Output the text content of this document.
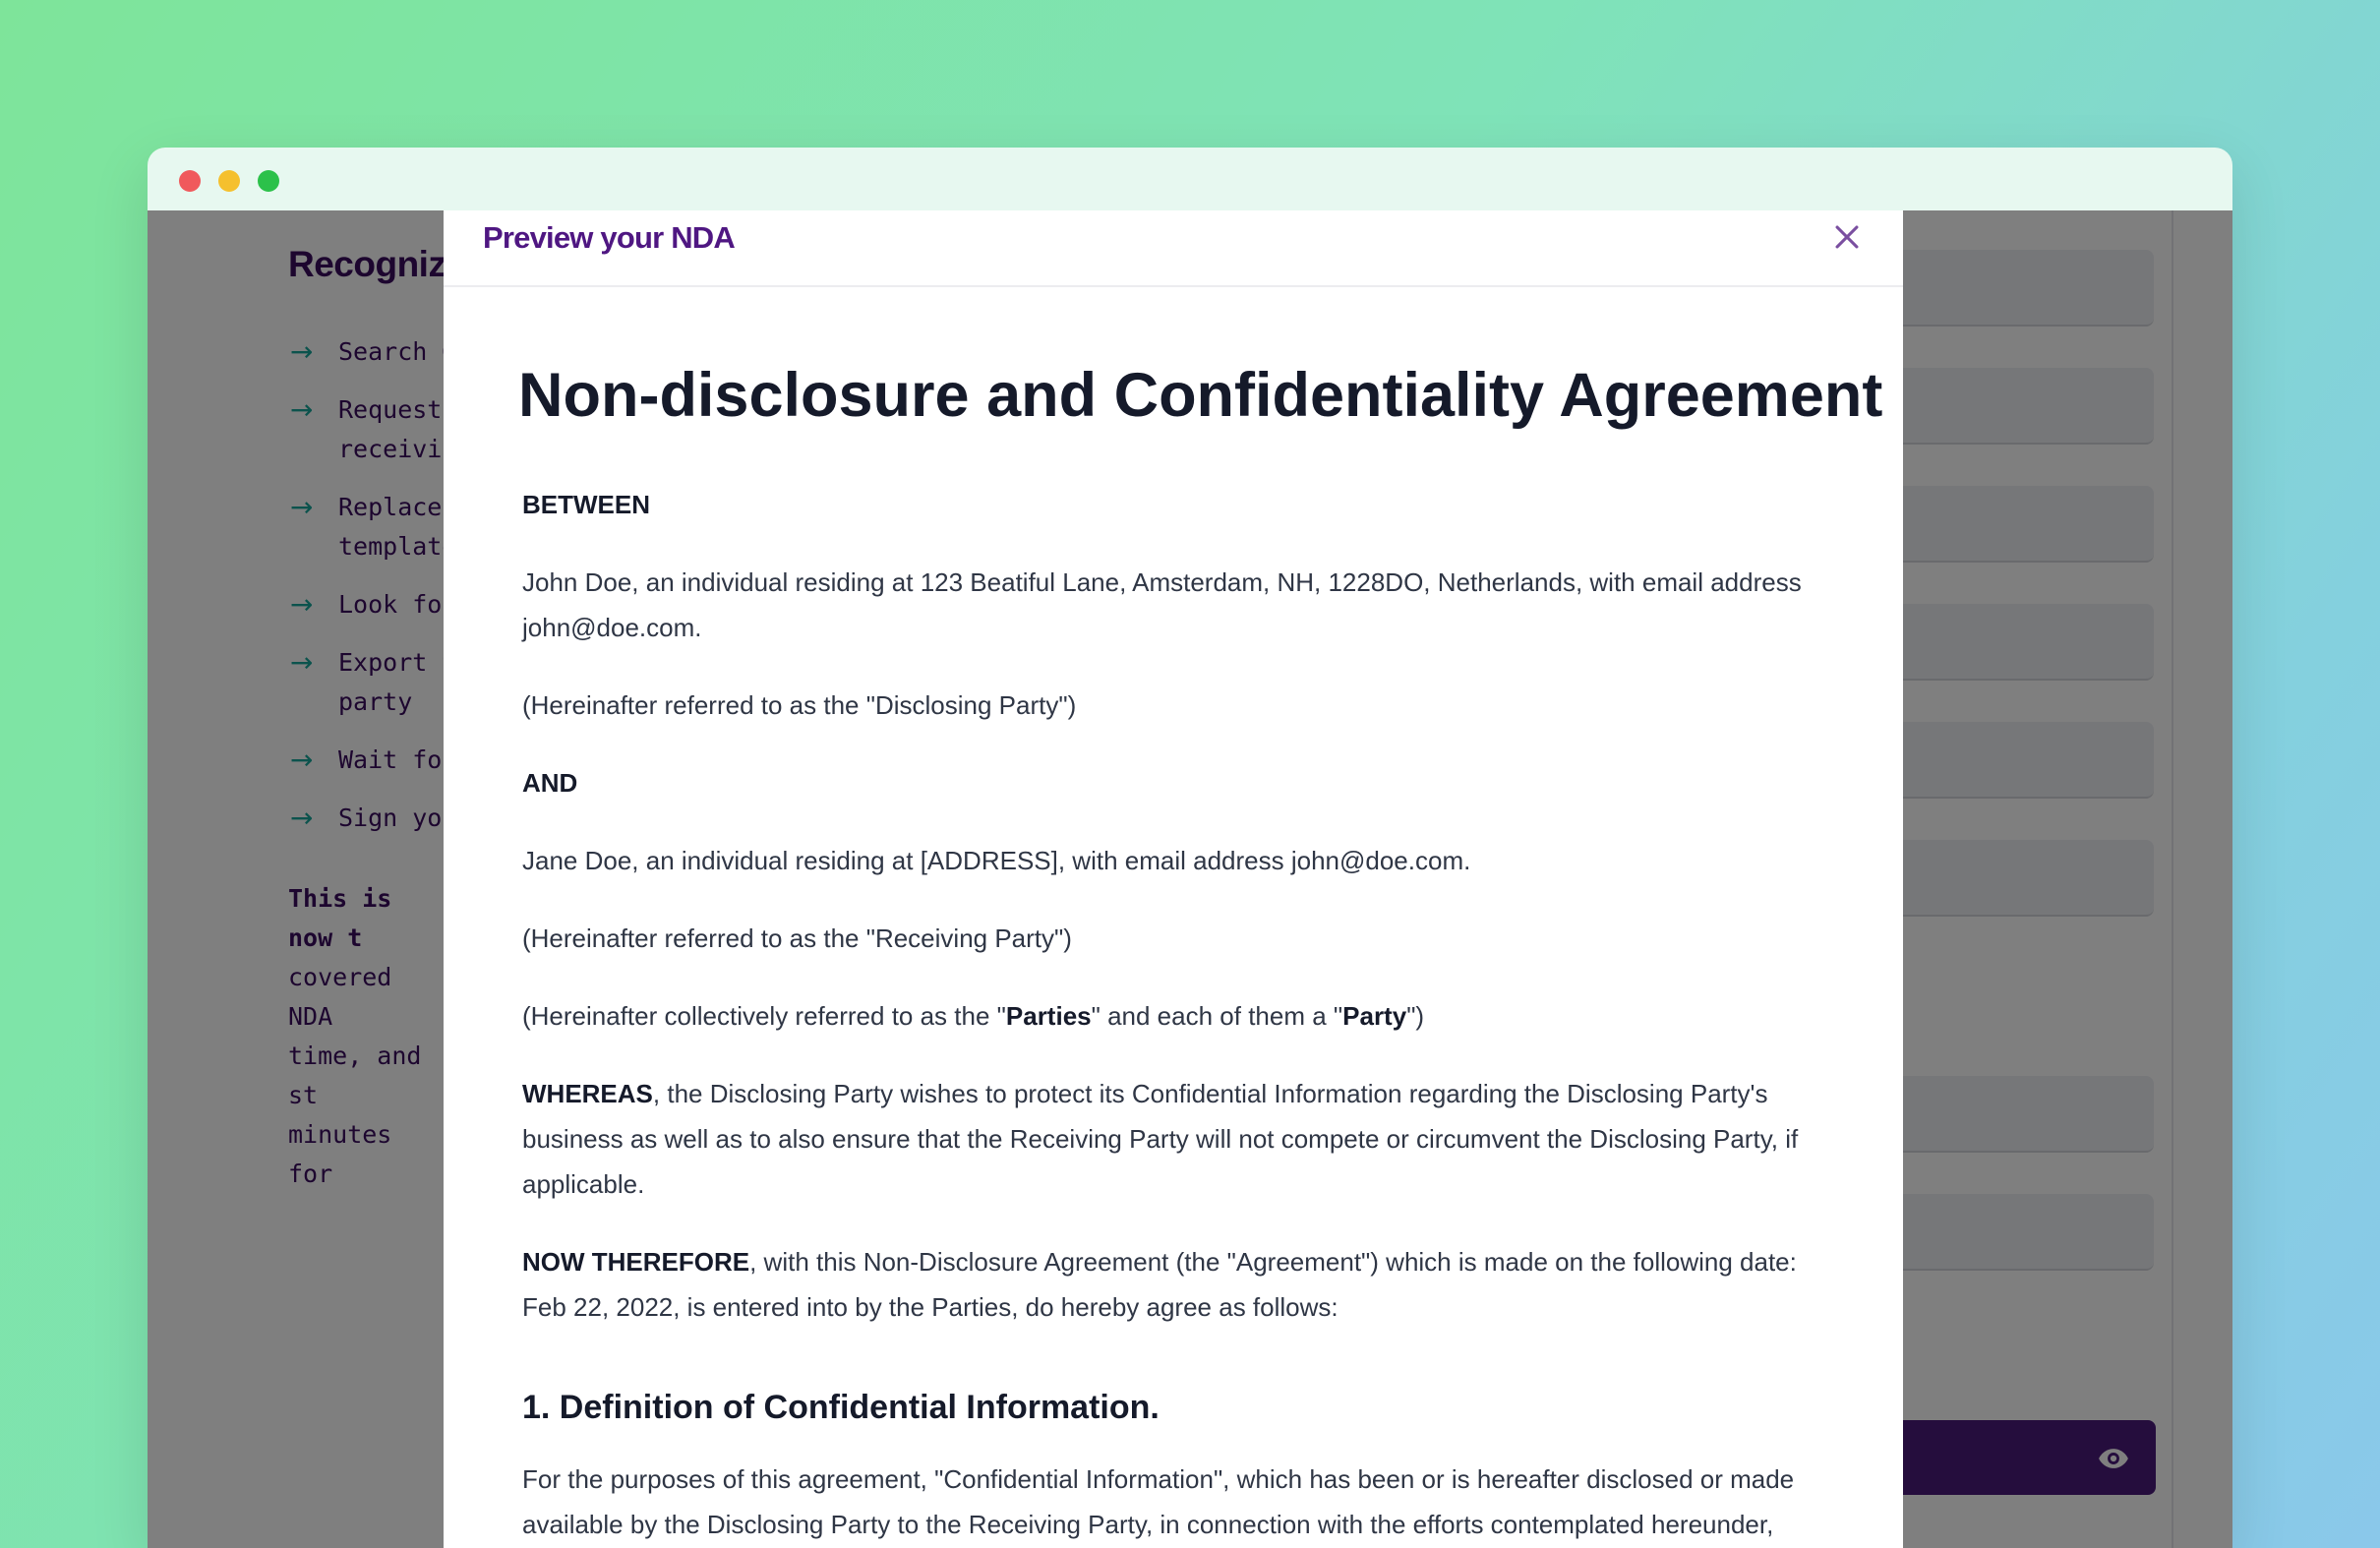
Preview your NDA
Non-disclosure and Confidentiality Agreement

BETWEEN

John Doe, an individual residing at 123 Beatiful Lane, Amsterdam, NH, 1228DO, Netherlands, with email address john@doe.com.

(Hereinafter referred to as the "Disclosing Party")

AND

Jane Doe, an individual residing at [ADDRESS], with email address john@doe.com.

(Hereinafter referred to as the "Receiving Party")

(Hereinafter collectively referred to as the "Parties" and each of them a "Party")

WHEREAS, the Disclosing Party wishes to protect its Confidential Information regarding the Disclosing Party's business as well as to also ensure that the Receiving Party will not compete or circumvent the Disclosing Party, if applicable.

NOW THEREFORE, with this Non-Disclosure Agreement (the "Agreement") which is made on the following date: Feb 22, 2022, is entered into by the Parties, do hereby agree as follows:

1. Definition of Confidential Information.

For the purposes of this agreement, "Confidential Information", which has been or is hereafter disclosed or made available by the Disclosing Party to the Receiving Party, in connection with the efforts contemplated hereunder,
